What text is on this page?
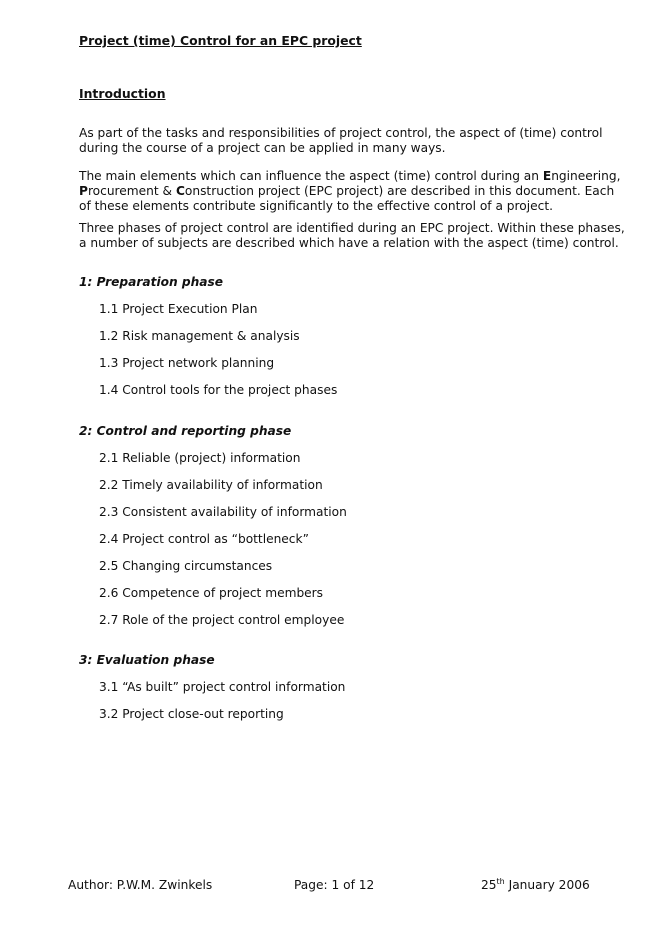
Project (time) Control for an EPC project
Introduction
As part of the tasks and responsibilities of project control, the aspect of (time) control
during the course of a project can be applied in many ways.
The main elements which can influence the aspect (time) control during an Engineering,
Procurement & Construction project (EPC project) are described in this document. Each
of these elements contribute significantly to the effective control of a project.
Three phases of project control are identified during an EPC project. Within these phases,
a number of subjects are described which have a relation with the aspect (time) control.
1: Preparation phase
1.1 Project Execution Plan
1.2 Risk management & analysis
1.3 Project network planning
1.4 Control tools for the project phases
2: Control and reporting phase
2.1 Reliable (project) information
2.2 Timely availability of information
2.3 Consistent availability of information
2.4 Project control as “bottleneck”
2.5 Changing circumstances
2.6 Competence of project members
2.7 Role of the project control employee
3: Evaluation phase
3.1 “As built” project control information
3.2 Project close-out reporting
Author: P.W.M. Zwinkels	Page: 1 of 12	25th January 2006
